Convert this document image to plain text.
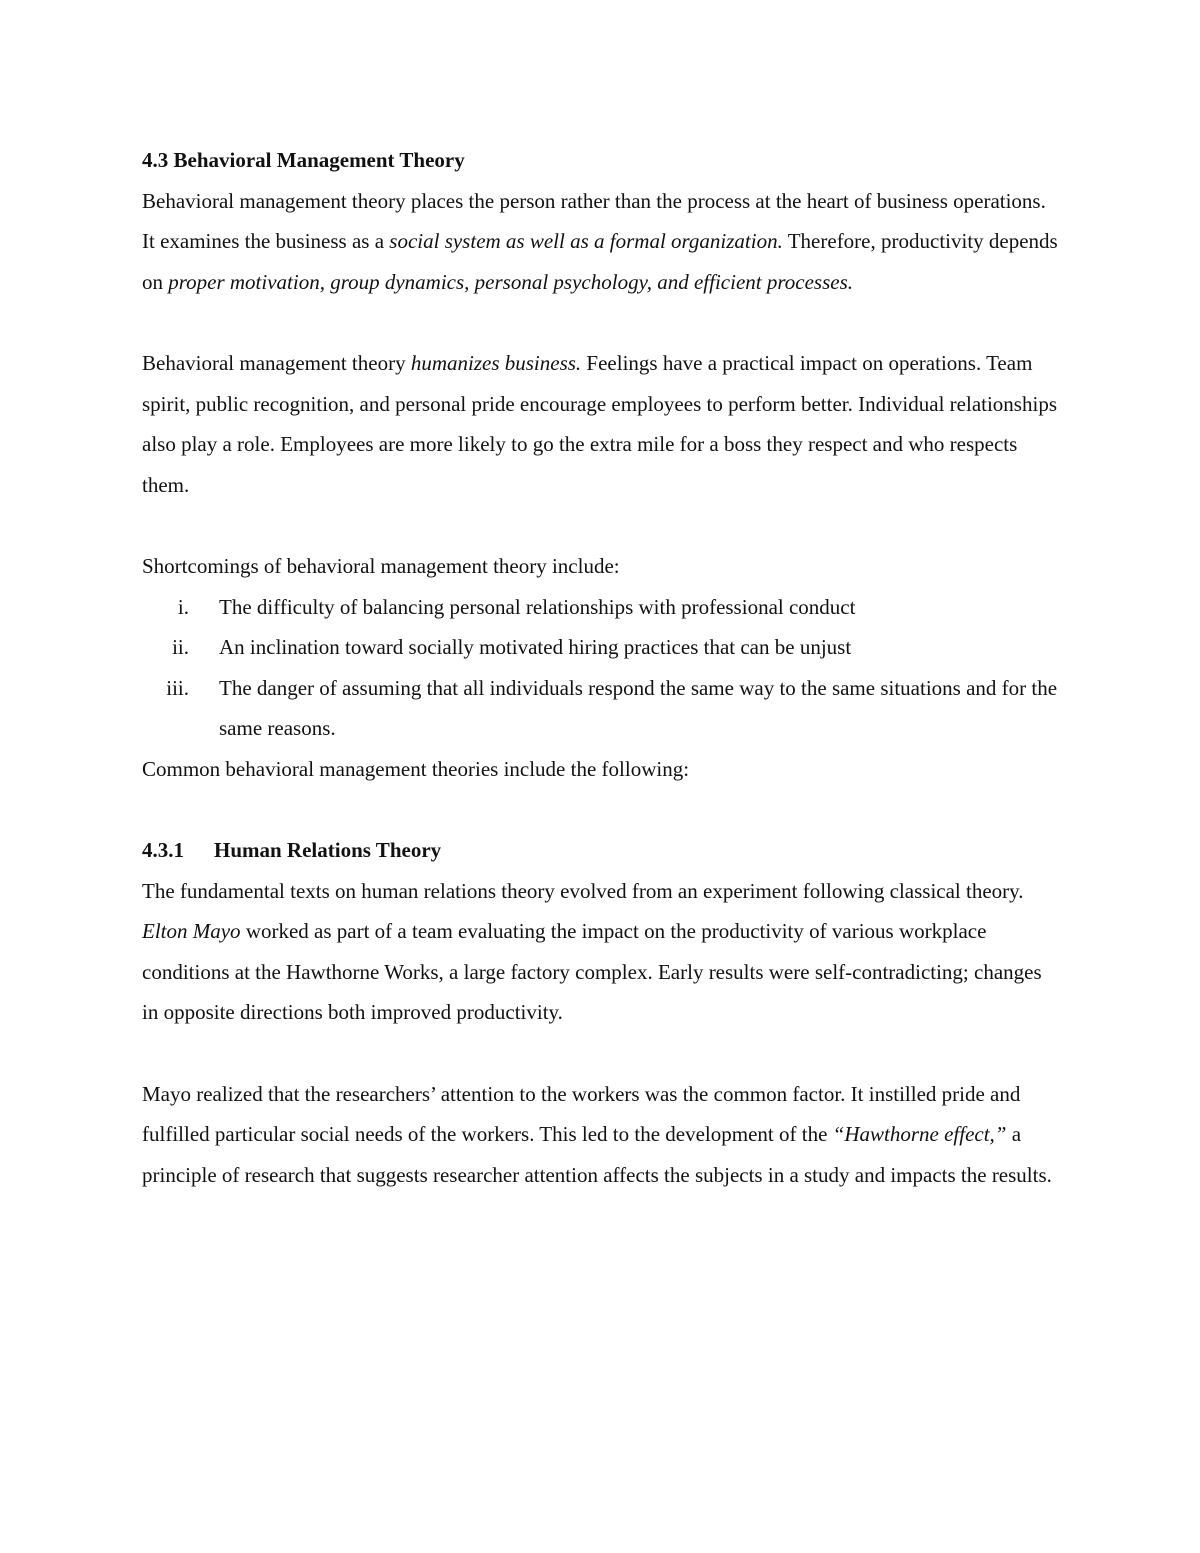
4.3 Behavioral Management Theory

Behavioral management theory places the person rather than the process at the heart of business operations. It examines the business as a social system as well as a formal organization. Therefore, productivity depends on proper motivation, group dynamics, personal psychology, and efficient processes.

Behavioral management theory humanizes business. Feelings have a practical impact on operations. Team spirit, public recognition, and personal pride encourage employees to perform better. Individual relationships also play a role. Employees are more likely to go the extra mile for a boss they respect and who respects them.

Shortcomings of behavioral management theory include:

i. The difficulty of balancing personal relationships with professional conduct
ii. An inclination toward socially motivated hiring practices that can be unjust
iii. The danger of assuming that all individuals respond the same way to the same situations and for the same reasons.

Common behavioral management theories include the following:

4.3.1 Human Relations Theory

The fundamental texts on human relations theory evolved from an experiment following classical theory. Elton Mayo worked as part of a team evaluating the impact on the productivity of various workplace conditions at the Hawthorne Works, a large factory complex. Early results were self-contradicting; changes in opposite directions both improved productivity.

Mayo realized that the researchers’ attention to the workers was the common factor. It instilled pride and fulfilled particular social needs of the workers. This led to the development of the “Hawthorne effect,” a principle of research that suggests researcher attention affects the subjects in a study and impacts the results.
